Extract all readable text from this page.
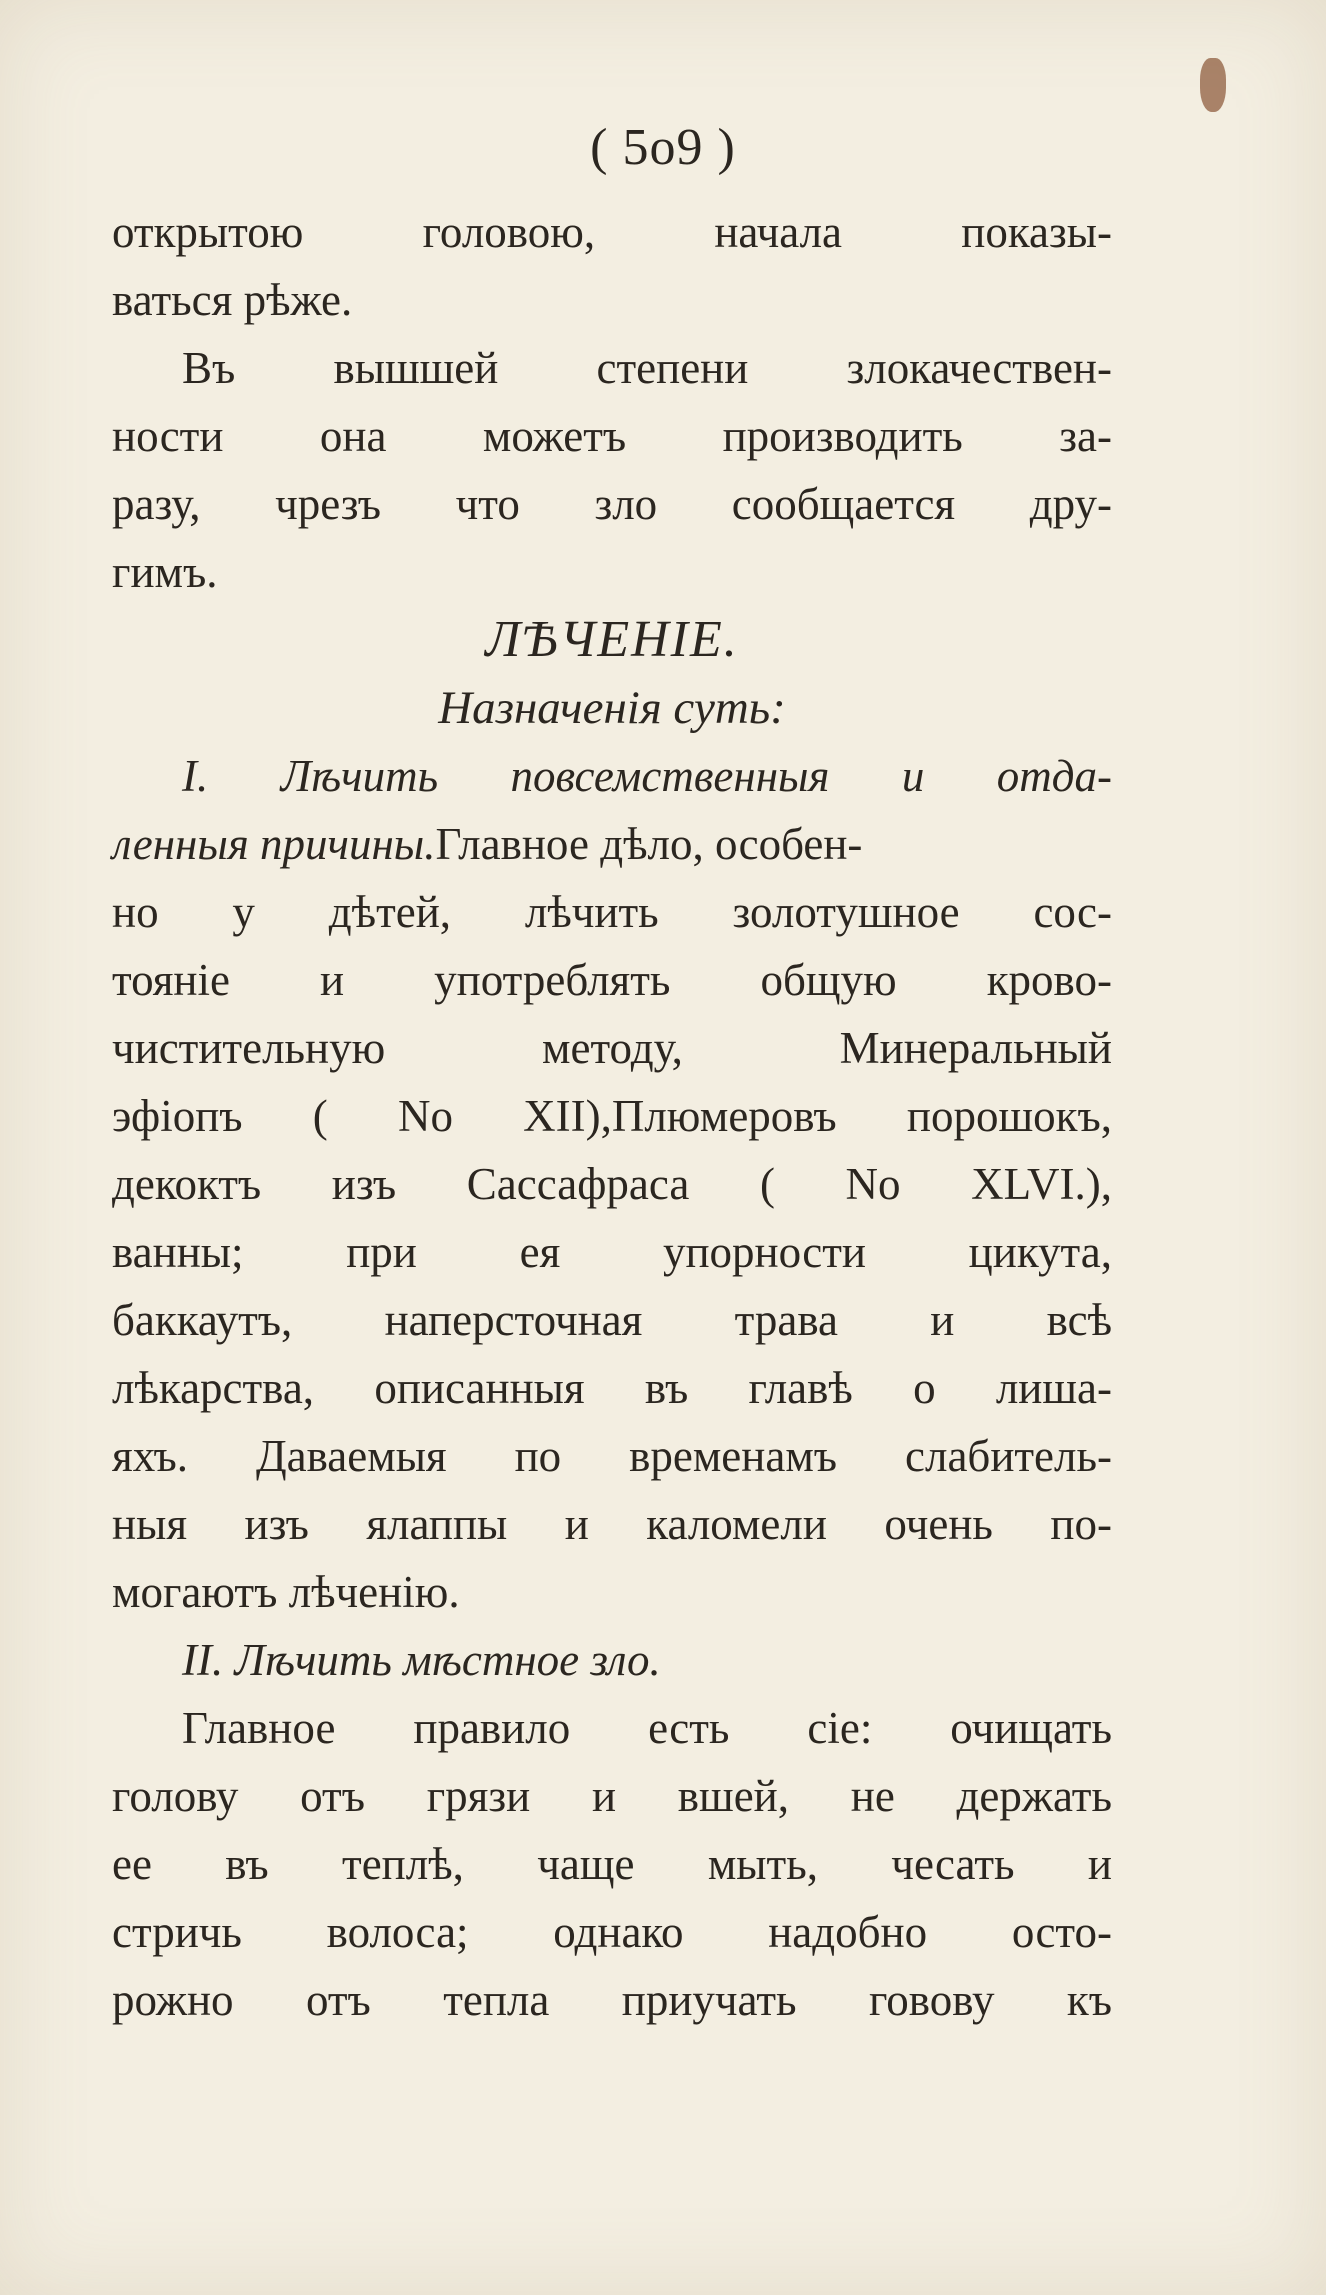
( 5o9 )
открытою головою, начала показы-
ваться рѣже.
Въ вышшей степени злокачествен-
ности она можетъ производить за-
разу, чрезъ что зло сообщается дру-
гимъ.
ЛѢЧЕНІЕ.
Назначенія суть:
I. Лѣчить повсемственныя и отда-
ленныя причины.Главное дѣло, особен-
но у дѣтей, лѣчить золотушное сос-
тояніе и употреблять общую крово-
чистительную методу, Минеральный
эфіопъ ( No XII),Плюмеровъ порошокъ,
декоктъ изъ Сассафраса ( No XLVI.),
ванны; при ея упорности цикута,
баккаутъ, наперсточная трава и всѣ
лѣкарства, описанныя въ главѣ о лиша-
яхъ. Даваемыя по временамъ слабитель-
ныя изъ ялаппы и каломели очень по-
могаютъ лѣченію.
II. Лѣчить мѣстное зло.
Главное правило есть сіе: очищать
голову отъ грязи и вшей, не держать
ее въ теплѣ, чаще мыть, чесать и
стричь волоса; однако надобно осто-
рожно отъ тепла приучать говову къ
